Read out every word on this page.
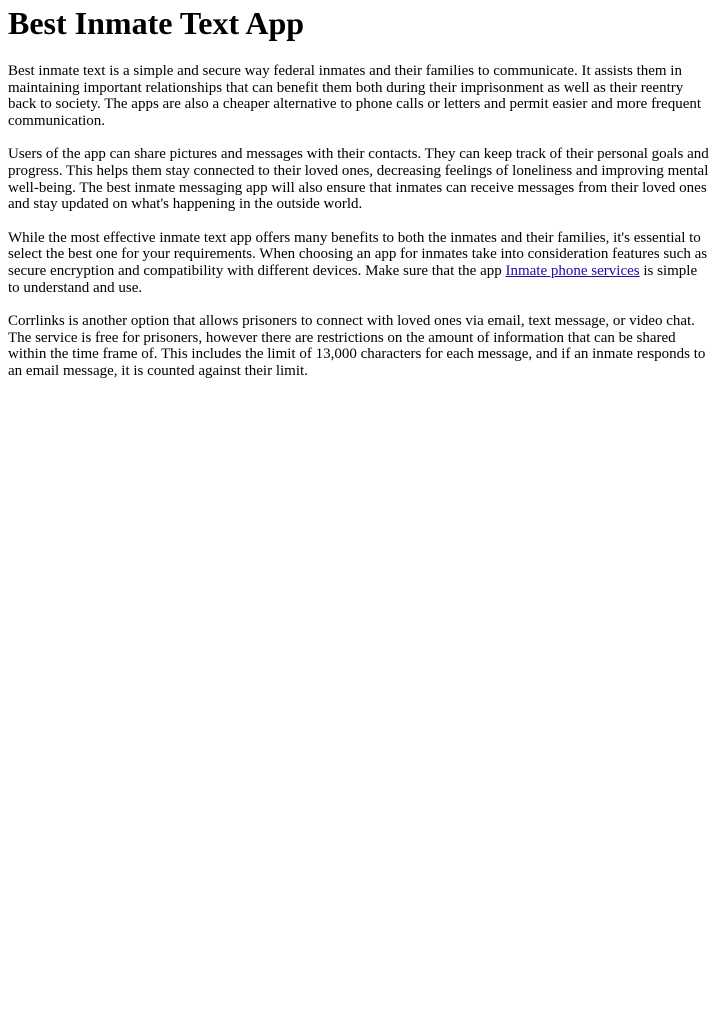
Best Inmate Text App

Best inmate text is a simple and secure way federal inmates and their families to communicate. It assists them in maintaining important relationships that can benefit them both during their imprisonment as well as their reentry back to society. The apps are also a cheaper alternative to phone calls or letters and permit easier and more frequent communication.

Users of the app can share pictures and messages with their contacts. They can keep track of their personal goals and progress. This helps them stay connected to their loved ones, decreasing feelings of loneliness and improving mental well-being. The best inmate messaging app will also ensure that inmates can receive messages from their loved ones and stay updated on what's happening in the outside world.

While the most effective inmate text app offers many benefits to both the inmates and their families, it's essential to select the best one for your requirements. When choosing an app for inmates take into consideration features such as secure encryption and compatibility with different devices. Make sure that the app Inmate phone services is simple to understand and use.

Corrlinks is another option that allows prisoners to connect with loved ones via email, text message, or video chat. The service is free for prisoners, however there are restrictions on the amount of information that can be shared within the time frame of. This includes the limit of 13,000 characters for each message, and if an inmate responds to an email message, it is counted against their limit.
